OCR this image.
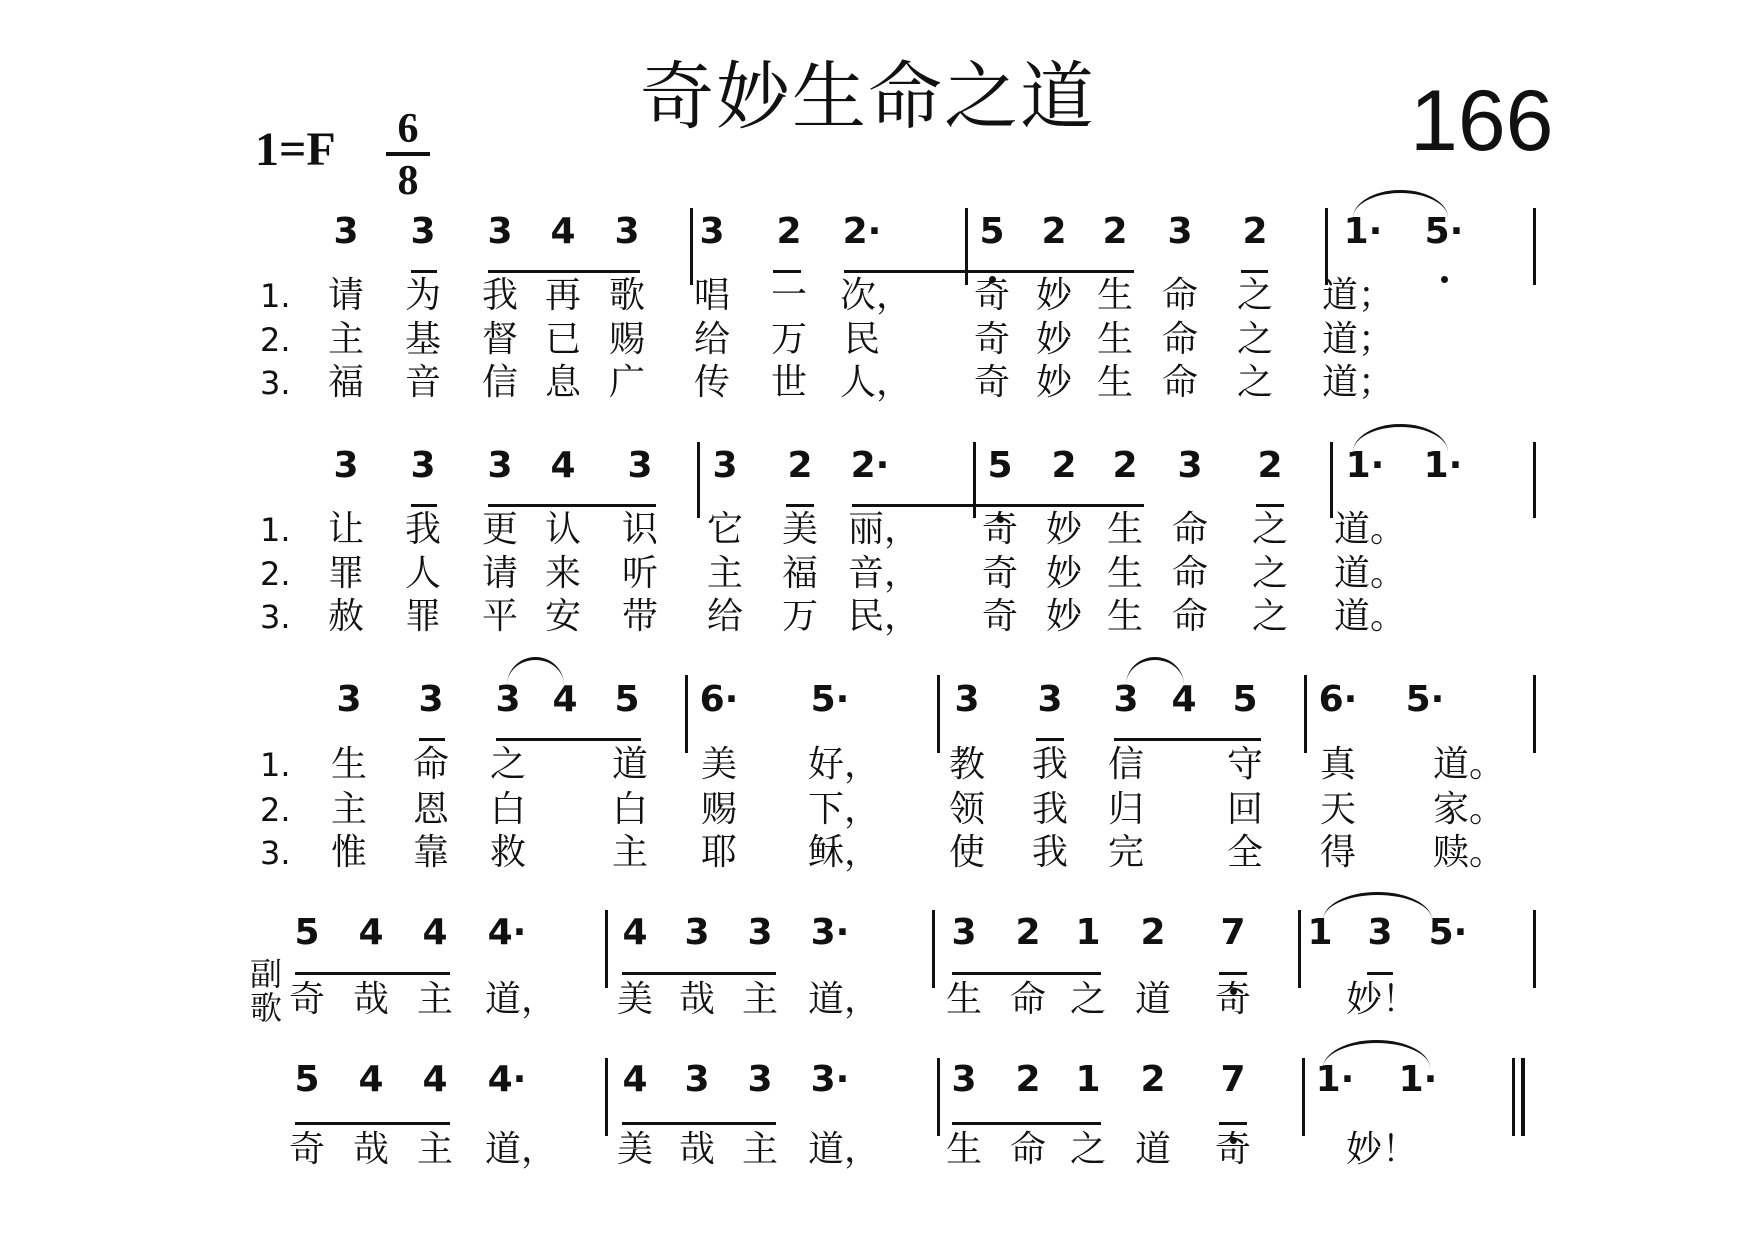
奇妙生命之道	166
1=F 6
8
副
歌
3 3 3 4 3 3 2 2·	5 2 2 3 2 1· 5·
1. 请 为 我 再 歌 唱 一 次， 奇 妙 生 命 之 道；
2. 主 基 督 已 赐 给 万 民	奇 妙 生 命 之 道；
3. 福 音 信 息 广 传 世 人， 奇 妙 生 命 之 道；
3 3 3 4 3 3 2 2·	5 2 2 3 2 1· 1·
1. 让 我 更 认 识 它 美 丽， 奇 妙 生 命 之 道。
2. 罪 人 请 来 听 主 福 音， 奇 妙 生 命 之 道。
3. 赦 罪 平 安 带 给 万 民， 奇 妙 生 命 之 道。
3 3 3 4 5 6· 5·	3 3 3 4 5 6· 5·
1. 生 命 之 道 美 好， 教 我 信 守 真 道。
2. 主 恩 白 白 赐 下， 领 我 归 回 天 家。
3. 惟 靠 救 主 耶 稣， 使 我 完 全 得 赎。
5 4 4 4·	4 3 3 3·	3 2 1 2 7 1 3 5·
奇 哉 主 道， 美 哉 主 道， 生 命 之 道 奇	妙！
5 4 4 4·	4 3 3 3·	3 2 1 2 7 1· 1·
奇 哉 主 道， 美 哉 主 道， 生 命 之 道 奇	妙！
